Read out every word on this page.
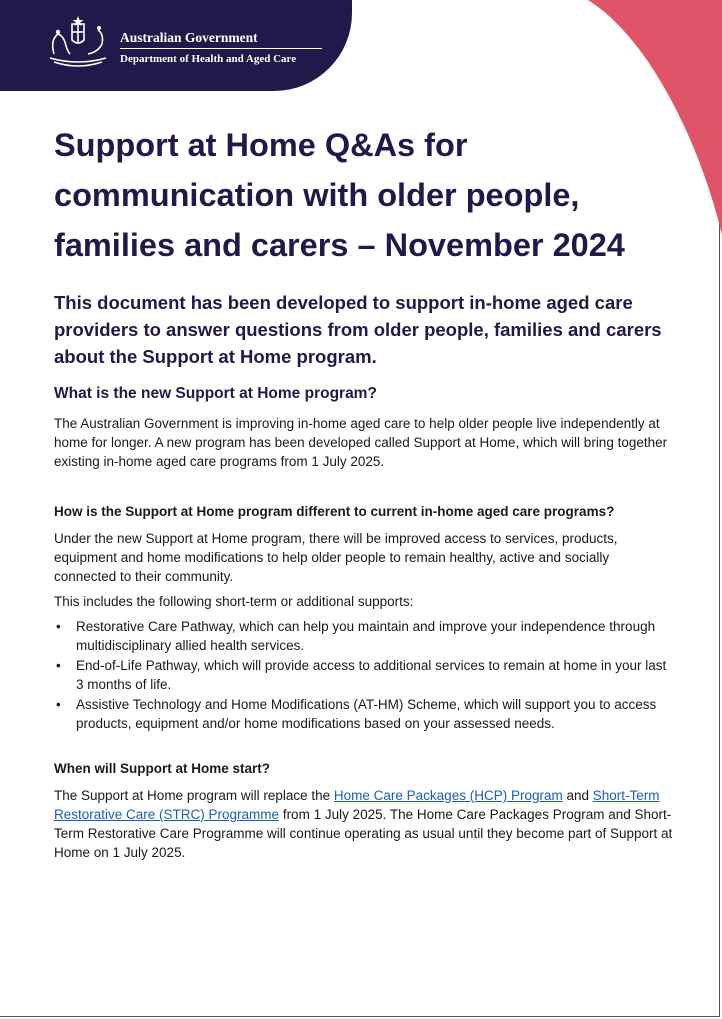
Australian Government
Department of Health and Aged Care
Support at Home Q&As for communication with older people, families and carers – November 2024

This document has been developed to support in-home aged care providers to answer questions from older people, families and carers about the Support at Home program.

What is the new Support at Home program?

The Australian Government is improving in-home aged care to help older people live independently at home for longer. A new program has been developed called Support at Home, which will bring together existing in-home aged care programs from 1 July 2025.

How is the Support at Home program different to current in-home aged care programs?

Under the new Support at Home program, there will be improved access to services, products, equipment and home modifications to help older people to remain healthy, active and socially connected to their community.

This includes the following short-term or additional supports:

• Restorative Care Pathway, which can help you maintain and improve your independence through multidisciplinary allied health services.
• End-of-Life Pathway, which will provide access to additional services to remain at home in your last 3 months of life.
• Assistive Technology and Home Modifications (AT-HM) Scheme, which will support you to access products, equipment and/or home modifications based on your assessed needs.
When will Support at Home start?

The Support at Home program will replace the Home Care Packages (HCP) Program and Short-Term Restorative Care (STRC) Programme from 1 July 2025. The Home Care Packages Program and Short-Term Restorative Care Programme will continue operating as usual until they become part of Support at Home on 1 July 2025.
